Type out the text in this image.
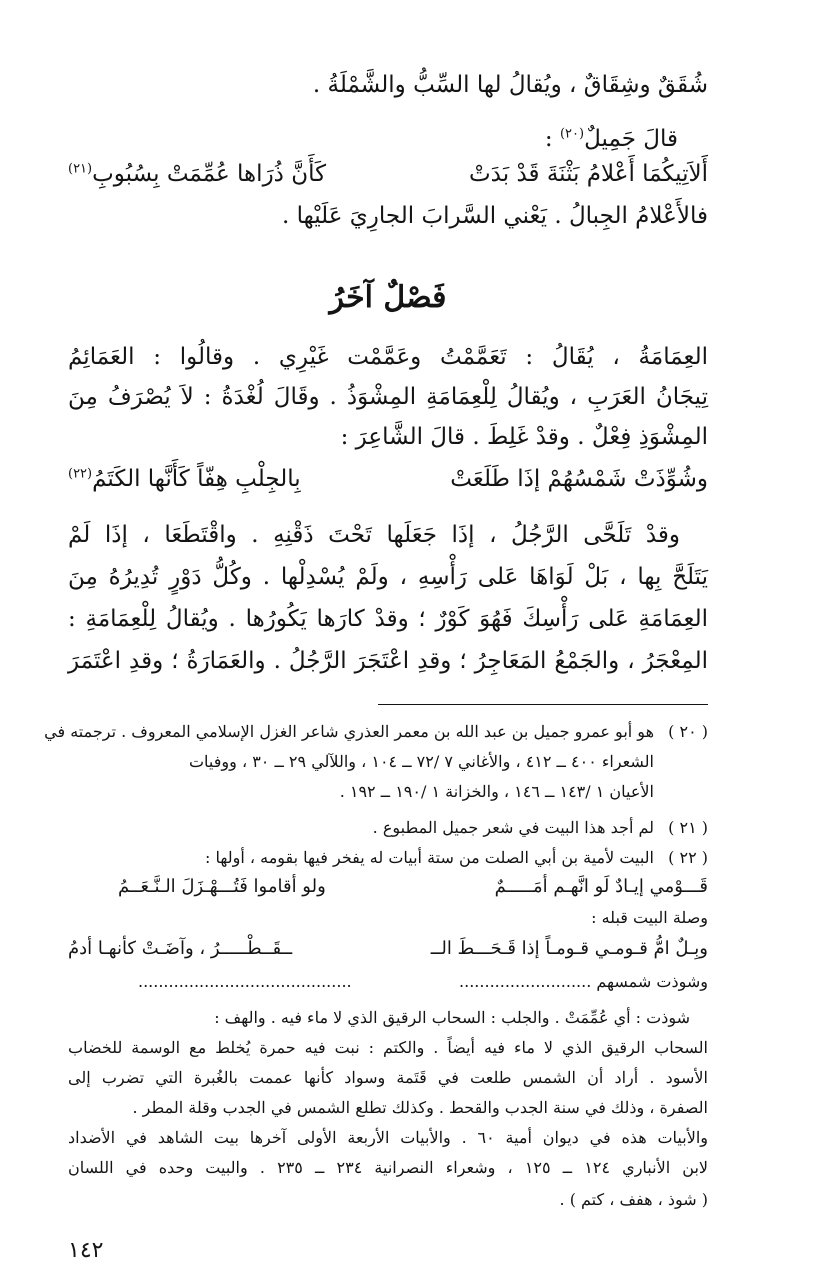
شُقَقٌ وشِقَاقٌ ، ويُقالُ لها السِّبُّ والشَّمْلَةُ .
قالَ جَمِيلٌ$^{(٢٠)}$ :
أَلاَتِيكُمَا أَعْلامُ بَثْنَةَ قَدْ بَدَتْ
كَأَنَّ ذُرَاها عُمِّمَتْ بِسُبُوبِ$^{(٢١)}$
فالأَعْلامُ الجِبالُ . يَعْني السَّرابَ الجارِيَ عَلَيْها .
فَصْلٌ آخَرُ
العِمَامَةُ ، يُقَالُ : تَعَمَّمْتُ وعَمَّمْت غَيْرِي . وقالُوا : العَمَائِمُ
تِيجَانُ العَرَبِ ، ويُقالُ لِلْعِمَامَةِ المِشْوَذُ . وقَالَ لُغْدَةُ : لاَ يُصْرَفُ مِنَ
المِشْوَذِ فِعْلٌ . وقدْ غَلِطَ . قالَ الشَّاعِرَ :
وشُوِّذَتْ شَمْسُهُمْ إذَا طَلَعَتْ
بِالجِلْبِ هِفّاً كَأَنَّها الكَتَمُ$^{(٢٢)}$
وقدْ تَلَحَّى الرَّجُلُ ، إذَا جَعَلَها تَحْتَ ذَقْنِهِ . واقْتَطَعَا ، إذَا لَمْ
يَتَلَحَّ بِها ، بَلْ لَوَاهَا عَلى رَأْسِهِ ، ولَمْ يُسْدِلْها . وكُلُّ دَوْرٍ تُدِيرُهُ مِنَ
العِمَامَةِ عَلى رَأْسِكَ فَهُوَ كَوْرٌ ؛ وقدْ كارَها يَكُورُها . ويُقالُ لِلْعِمَامَةِ :
المِعْجَرُ ، والجَمْعُ المَعَاجِرُ ؛ وقدِ اعْتَجَرَ الرَّجُلُ . والعَمَارَةُ ؛ وقدِ اعْتَمَرَ
( ٢٠ )هو أبو عمرو جميل بن عبد الله بن معمر العذري شاعر الغزل الإسلامي المعروف . ترجمته في
الشعراء ٤٠٠ ــ ٤١٢ ، والأغاني ٧ /٧٢ ــ ١٠٤ ، واللآلي ٢٩ ــ ٣٠ ، ووفيات
الأعيان ١ /١٤٣ ــ ١٤٦ ، والخزانة ١ /١٩٠ ــ ١٩٢ .
( ٢١ )لم أجد هذا البيت في شعر جميل المطبوع .
( ٢٢ )البيت لأمية بن أبي الصلت من ستة أبيات له يفخر فيها بقومه ، أولها :
قَـــوْمي إيـادٌ لَو انَّهـم أمَـــــمٌ
ولو أقاموا فَتُـــهْـزَلَ الـنَّـعَــمُ
وصلة البيت قبله :
وبِـلٌ امُّ قـومـي قـومـاً إذا قَـحَـــطَ الــ
ــقَــطْـــــرُ ، وآضَـتْ كأنهـا أدمُ
وشوذت شمسهم ..........................
..........................................
شوذت : أي عُمِّمَتْ . والجلب : السحاب الرقيق الذي لا ماء فيه . والهف :
السحاب الرقيق الذي لا ماء فيه أيضاً . والكتم : نبت فيه حمرة يُخلط مع الوسمة للخضاب
الأسود . أراد أن الشمس طلعت في قَتَمة وسواد كأنها عممت بالغُبرة التي تضرب إلى
الصفرة ، وذلك في سنة الجدب والقحط . وكذلك تطلع الشمس في الجدب وقلة المطر .
والأبيات هذه في ديوان أمية ٦٠ . والأبيات الأربعة الأولى آخرها بيت الشاهد في الأضداد
لابن الأنباري ١٢٤ ــ ١٢٥ ، وشعراء النصرانية ٢٣٤ ــ ٢٣٥ . والبيت وحده في اللسان
( شوذ ، هفف ، كتم ) .
١٤٢
